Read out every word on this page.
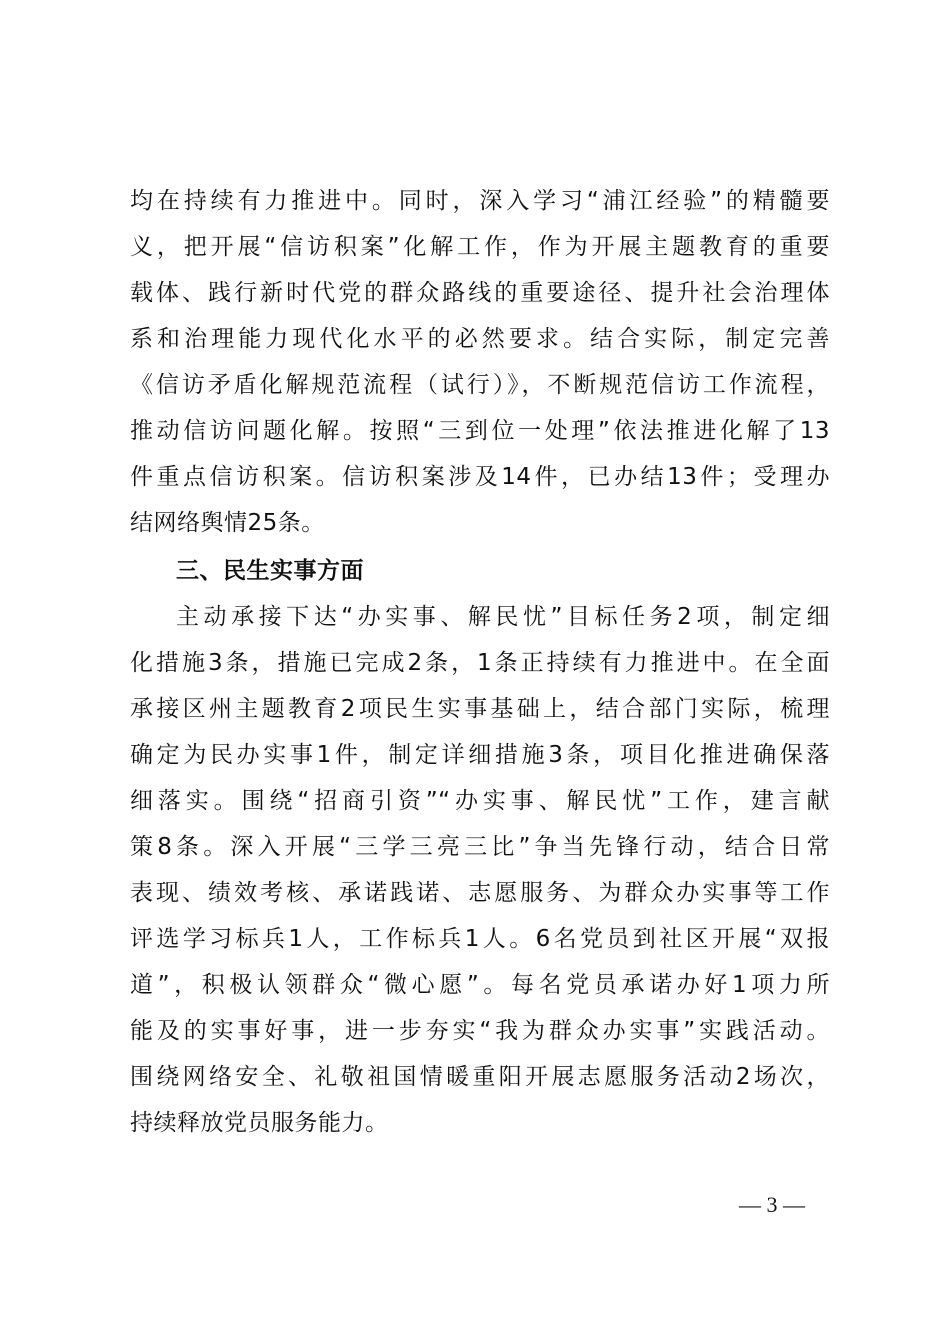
均在持续有力推进中。同时，深入学习“浦江经验”的精髓要
义，把开展“信访积案”化解工作，作为开展主题教育的重要
载体、践行新时代党的群众路线的重要途径、提升社会治理体
系和治理能力现代化水平的必然要求。结合实际，制定完善
《信访矛盾化解规范流程（试行）》，不断规范信访工作流程，
推动信访问题化解。按照“三到位一处理”依法推进化解了13
件重点信访积案。信访积案涉及14件，已办结13件；受理办
结网络舆情25条。
三、民生实事方面
主动承接下达“办实事、解民忧”目标任务2项，制定细
化措施3条，措施已完成2条，1条正持续有力推进中。在全面
承接区州主题教育2项民生实事基础上，结合部门实际，梳理
确定为民办实事1件，制定详细措施3条，项目化推进确保落
细落实。围绕“招商引资”“办实事、解民忧”工作，建言献
策8条。深入开展“三学三亮三比”争当先锋行动，结合日常
表现、绩效考核、承诺践诺、志愿服务、为群众办实事等工作
评选学习标兵1人，工作标兵1人。6名党员到社区开展“双报
道”，积极认领群众“微心愿”。每名党员承诺办好1项力所
能及的实事好事，进一步夯实“我为群众办实事”实践活动。
围绕网络安全、礼敬祖国情暖重阳开展志愿服务活动2场次，
持续释放党员服务能力。
— 3 —
